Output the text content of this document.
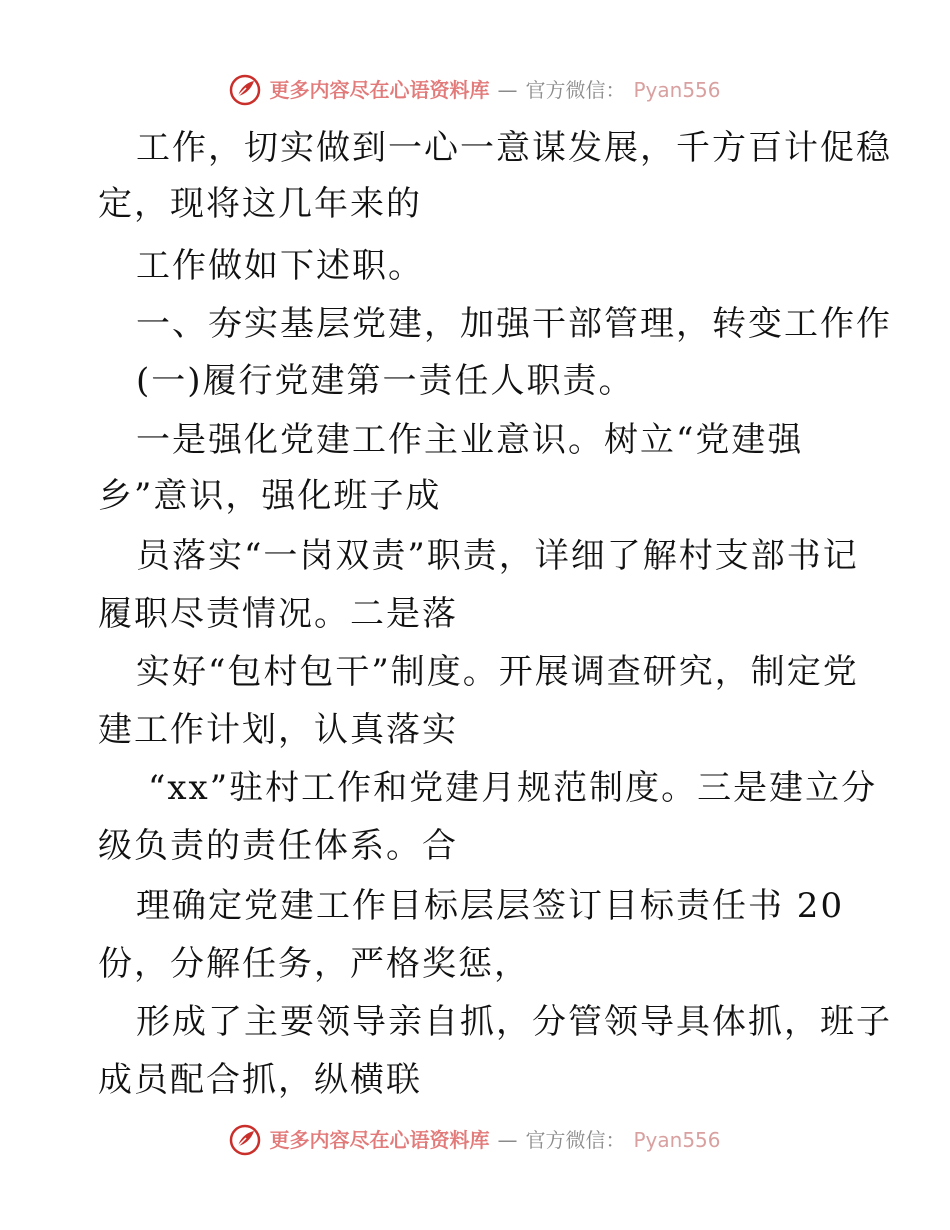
更多内容尽在心语资料库 — 官方微信： Pyan556
工作，切实做到一心一意谋发展，千方百计促稳
定，现将这几年来的
工作做如下述职。
一、夯实基层党建，加强干部管理，转变工作作
(一)履行党建第一责任人职责。
一是强化党建工作主业意识。树立“党建强
乡”意识，强化班子成
员落实“一岗双责”职责，详细了解村支部书记
履职尽责情况。二是落
实好“包村包干”制度。开展调查研究，制定党
建工作计划，认真落实
“xx”驻村工作和党建月规范制度。三是建立分
级负责的责任体系。合
理确定党建工作目标层层签订目标责任书 20
份，分解任务，严格奖惩，
形成了主要领导亲自抓，分管领导具体抓，班子
成员配合抓，纵横联
更多内容尽在心语资料库 — 官方微信： Pyan556
